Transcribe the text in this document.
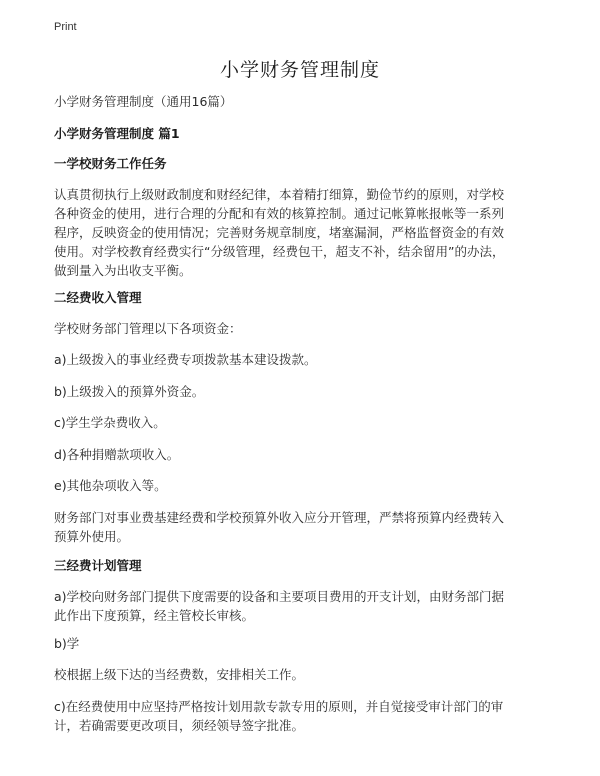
Print
小学财务管理制度
小学财务管理制度（通用16篇）
小学财务管理制度 篇1
一学校财务工作任务
认真贯彻执行上级财政制度和财经纪律，本着精打细算，勤俭节约的原则，对学校
各种资金的使用，进行合理的分配和有效的核算控制。通过记帐算帐报帐等一系列
程序，反映资金的使用情况；完善财务规章制度，堵塞漏洞，严格监督资金的有效
使用。对学校教育经费实行“分级管理，经费包干，超支不补，结余留用”的办法，
做到量入为出收支平衡。
二经费收入管理
学校财务部门管理以下各项资金：
a)上级拨入的事业经费专项拨款基本建设拨款。
b)上级拨入的预算外资金。
c)学生学杂费收入。
d)各种捐赠款项收入。
e)其他杂项收入等。
财务部门对事业费基建经费和学校预算外收入应分开管理，严禁将预算内经费转入
预算外使用。
三经费计划管理
a)学校向财务部门提供下度需要的设备和主要项目费用的开支计划，由财务部门据
此作出下度预算，经主管校长审核。
b)学
校根据上级下达的当经费数，安排相关工作。
c)在经费使用中应坚持严格按计划用款专款专用的原则，并自觉接受审计部门的审
计，若确需要更改项目，须经领导签字批准。
